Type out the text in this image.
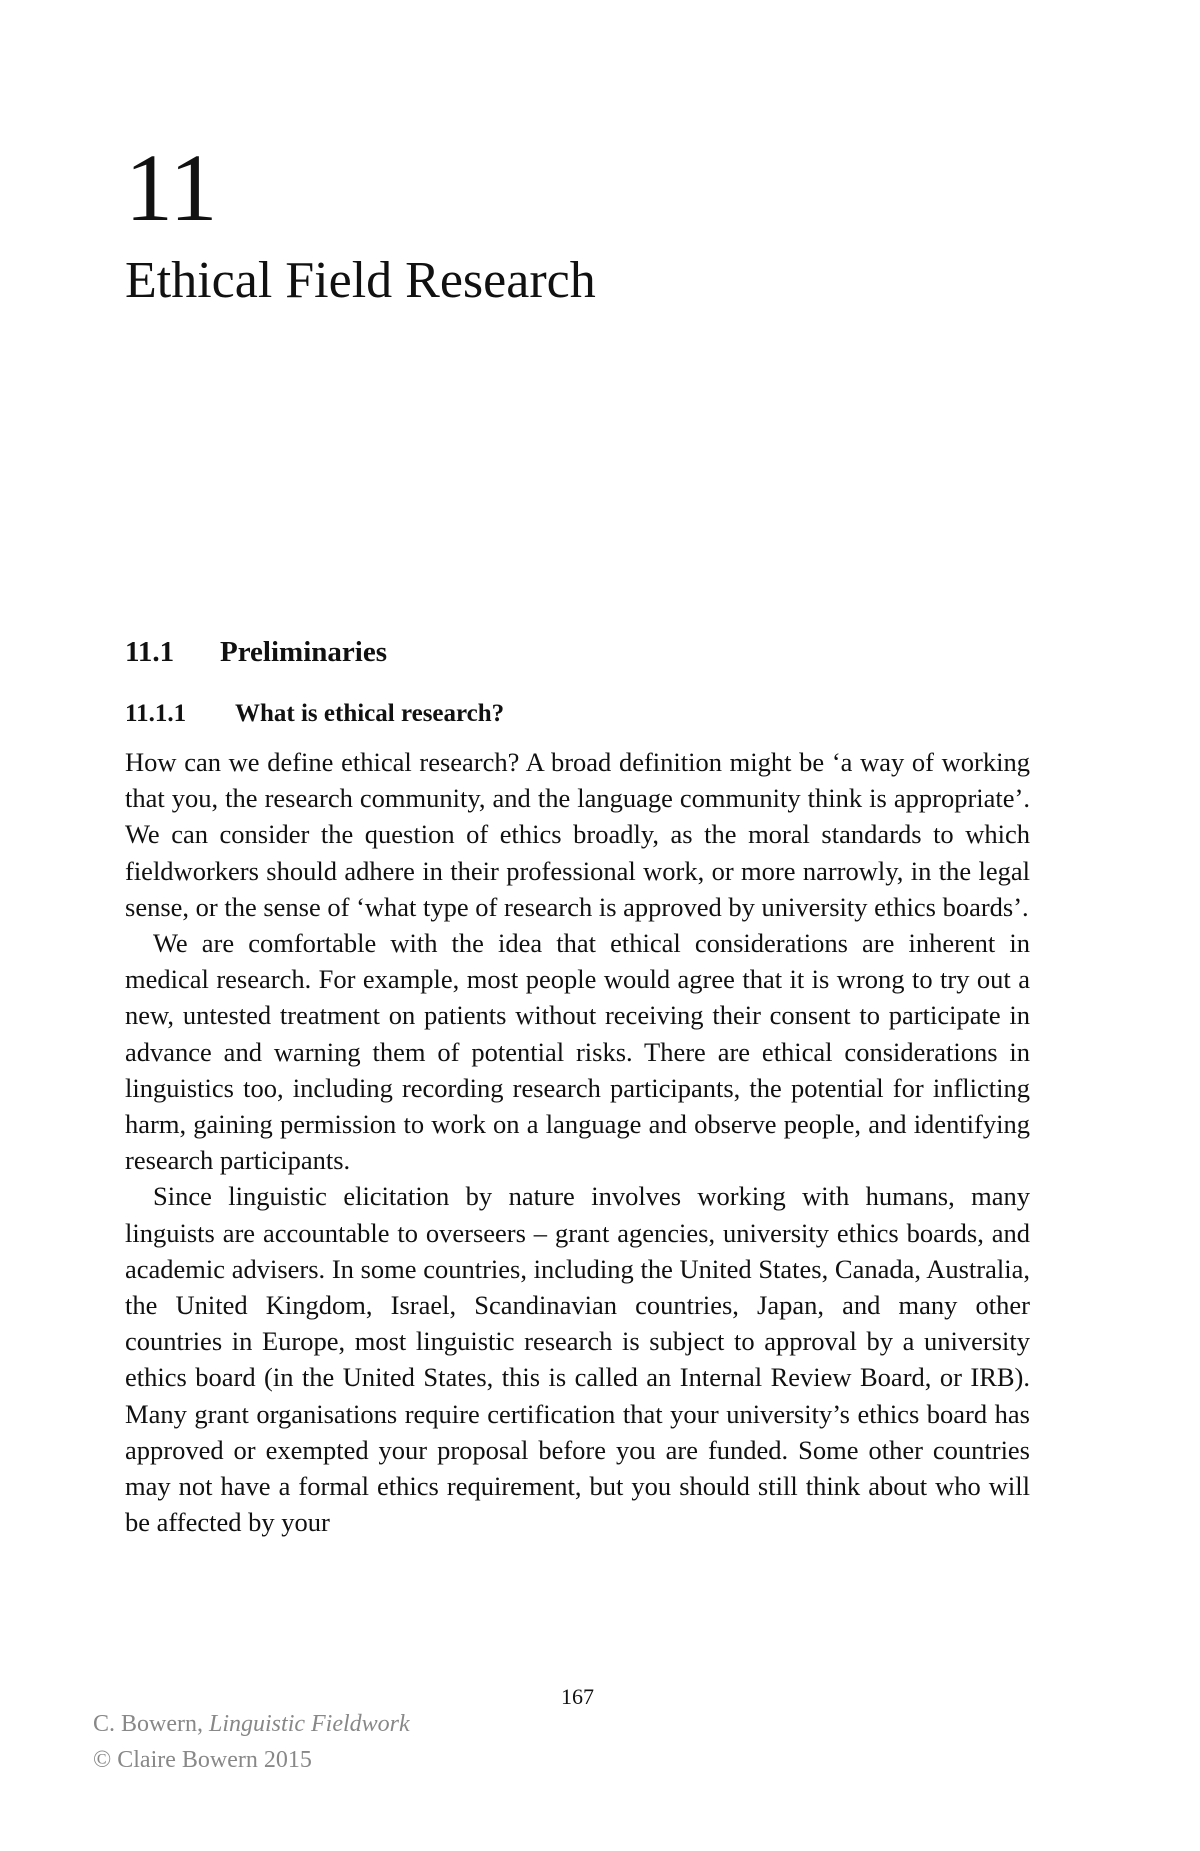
11
Ethical Field Research
11.1 Preliminaries
11.1.1 What is ethical research?

How can we define ethical research? A broad definition might be ‘a way of working that you, the research community, and the language community think is appropriate’. We can consider the question of ethics broadly, as the moral standards to which fieldworkers should adhere in their professional work, or more narrowly, in the legal sense, or the sense of ‘what type of research is approved by university ethics boards’.

We are comfortable with the idea that ethical considerations are inherent in medical research. For example, most people would agree that it is wrong to try out a new, untested treatment on patients without receiving their consent to participate in advance and warning them of potential risks. There are ethical considerations in linguistics too, including recording research participants, the potential for inflicting harm, gaining permission to work on a language and observe people, and identifying research participants.

Since linguistic elicitation by nature involves working with humans, many linguists are accountable to overseers – grant agencies, university ethics boards, and academic advisers. In some countries, including the United States, Canada, Australia, the United Kingdom, Israel, Scandinavian countries, Japan, and many other countries in Europe, most linguistic research is subject to approval by a university ethics board (in the United States, this is called an Internal Review Board, or IRB). Many grant organisations require certification that your university’s ethics board has approved or exempted your proposal before you are funded. Some other countries may not have a formal ethics requirement, but you should still think about who will be affected by your

167
C. Bowern, Linguistic Fieldwork
© Claire Bowern 2015
